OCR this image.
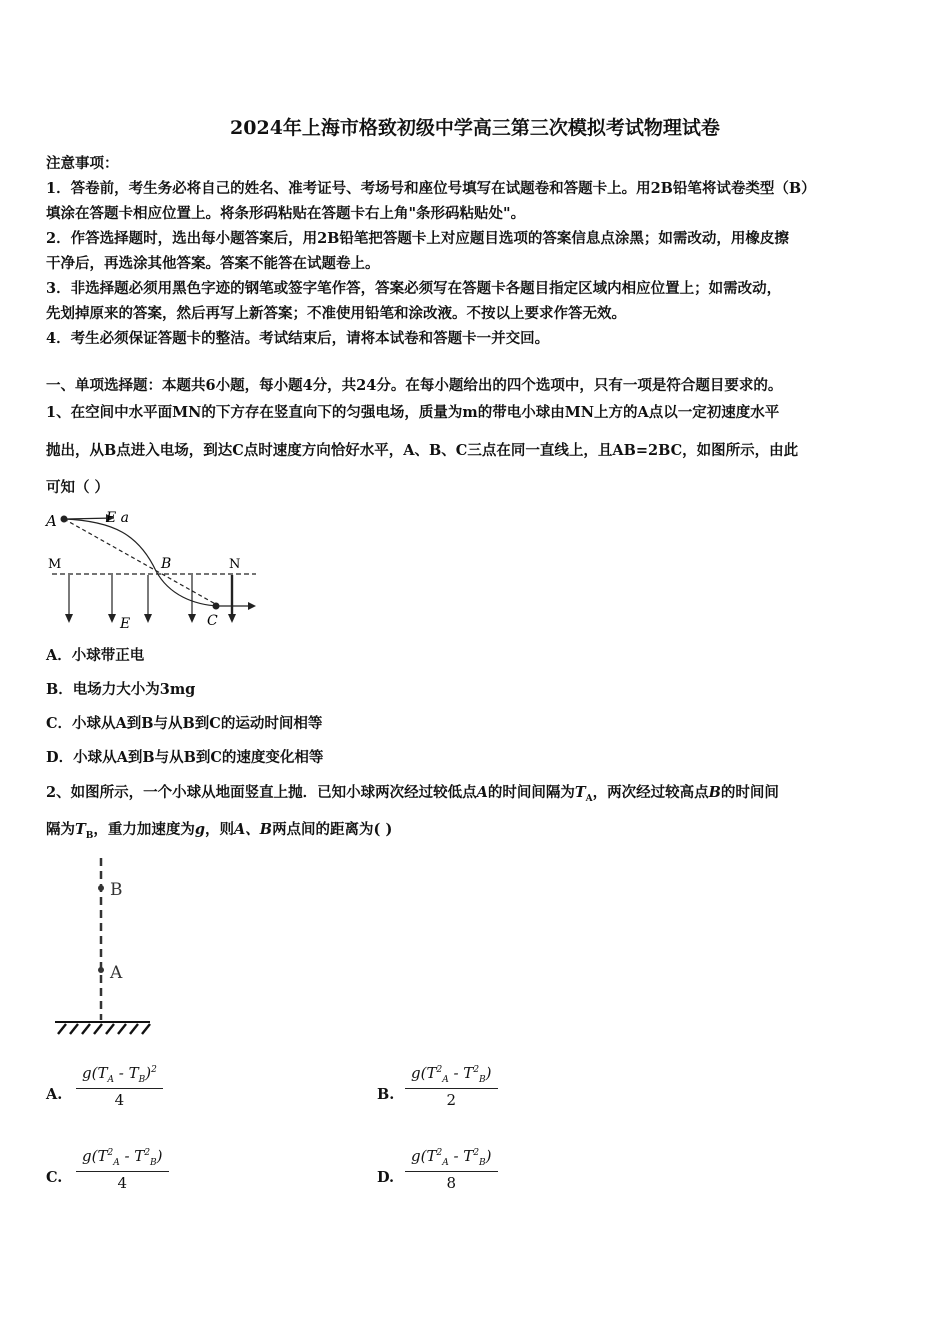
2024年上海市格致初级中学高三第三次模拟考试物理试卷
注意事项：
1．答卷前，考生务必将自己的姓名、准考证号、考场号和座位号填写在试题卷和答题卡上。用2B铅笔将试卷类型（B）
填涂在答题卡相应位置上。将条形码粘贴在答题卡右上角"条形码粘贴处"。
2．作答选择题时，选出每小题答案后，用2B铅笔把答题卡上对应题目选项的答案信息点涂黑；如需改动，用橡皮擦
干净后，再选涂其他答案。答案不能答在试题卷上。
3．非选择题必须用黑色字迹的钢笔或签字笔作答，答案必须写在答题卡各题目指定区域内相应位置上；如需改动，
先划掉原来的答案，然后再写上新答案；不准使用铅笔和涂改液。不按以上要求作答无效。
4．考生必须保证答题卡的整洁。考试结束后，请将本试卷和答题卡一并交回。
一、单项选择题：本题共6小题，每小题4分，共24分。在每小题给出的四个选项中，只有一项是符合题目要求的。
1、在空间中水平面MN的下方存在竖直向下的匀强电场，质量为m的带电小球由MN上方的A点以一定初速度水平
抛出，从B点进入电场，到达C点时速度方向恰好水平，A、B、C三点在同一直线上，且AB=2BC，如图所示，由此
可知（ ）
A	E a
M	B	N
E	C
A．小球带正电
B．电场力大小为3mg
C．小球从A到B与从B到C的运动时间相等
D．小球从A到B与从B到C的速度变化相等
2、如图所示，一个小球从地面竖直上抛．已知小球两次经过较低点A的时间间隔为$T_A$，两次经过较高点B的时间间
隔为$T_B$，重力加速度为g，则A、B两点间的距离为( )
B
A
A. $\frac{g(T_A - T_B)^2}{4}$	B. $\frac{g(T^2_A - T^2_B)}{2}$
C. $\frac{g(T^2_A - T^2_B)}{4}$	D. $\frac{g(T^2_A - T^2_B)}{8}$
